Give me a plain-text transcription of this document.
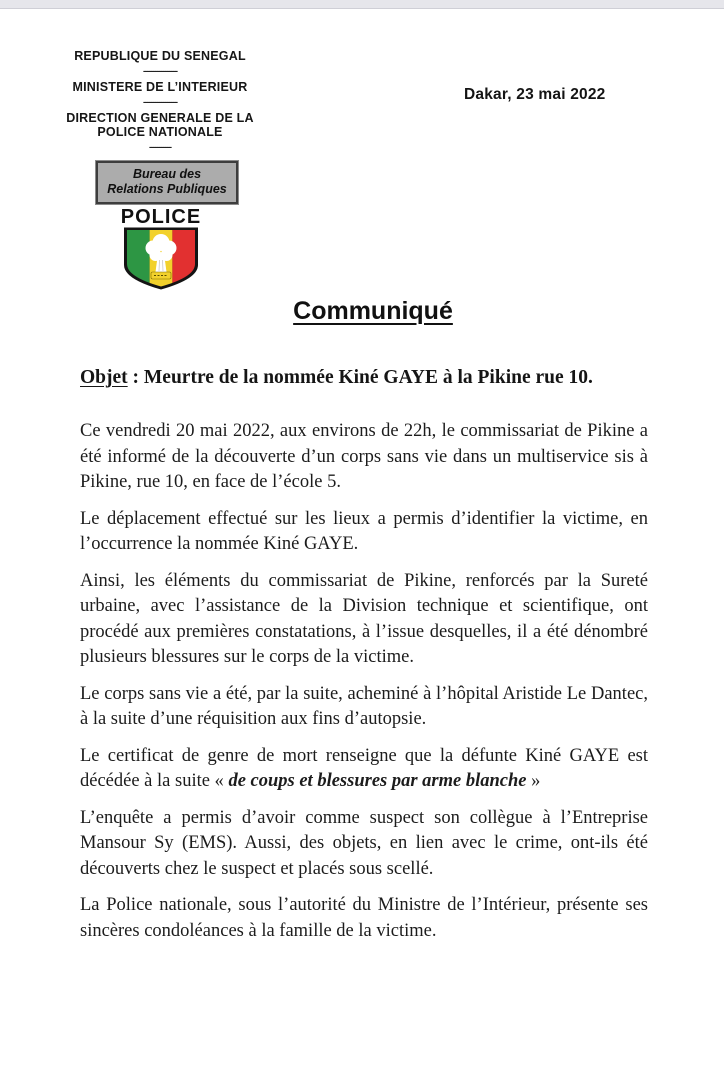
REPUBLIQUE DU SENEGAL
-----------------
MINISTERE DE L’INTERIEUR
-----------------
DIRECTION GENERALE DE LA
POLICE NATIONALE
-----------
Bureau des Relations Publiques
Dakar, 23 mai 2022
POLICE
Communiqué
Objet : Meurtre de la nommée Kiné GAYE à la Pikine rue 10.

Ce vendredi 20 mai 2022, aux environs de 22h, le commissariat de Pikine a été informé de la découverte d’un corps sans vie dans un multiservice sis à Pikine, rue 10, en face de l’école 5.

Le déplacement effectué sur les lieux a permis d’identifier la victime, en l’occurrence la nommée Kiné GAYE.

Ainsi, les éléments du commissariat de Pikine, renforcés par la Sureté urbaine, avec l’assistance de la Division technique et scientifique, ont procédé aux premières constatations, à l’issue desquelles, il a été dénombré plusieurs blessures sur le corps de la victime.

Le corps sans vie a été, par la suite, acheminé à l’hôpital Aristide Le Dantec, à la suite d’une réquisition aux fins d’autopsie.

Le certificat de genre de mort renseigne que la défunte Kiné GAYE est décédée à la suite « de coups et blessures par arme blanche »

L’enquête a permis d’avoir comme suspect son collègue à l’Entreprise Mansour Sy (EMS). Aussi, des objets, en lien avec le crime, ont-ils été découverts chez le suspect et placés sous scellé.

La Police nationale, sous l’autorité du Ministre de l’Intérieur, présente ses sincères condoléances à la famille de la victime.
